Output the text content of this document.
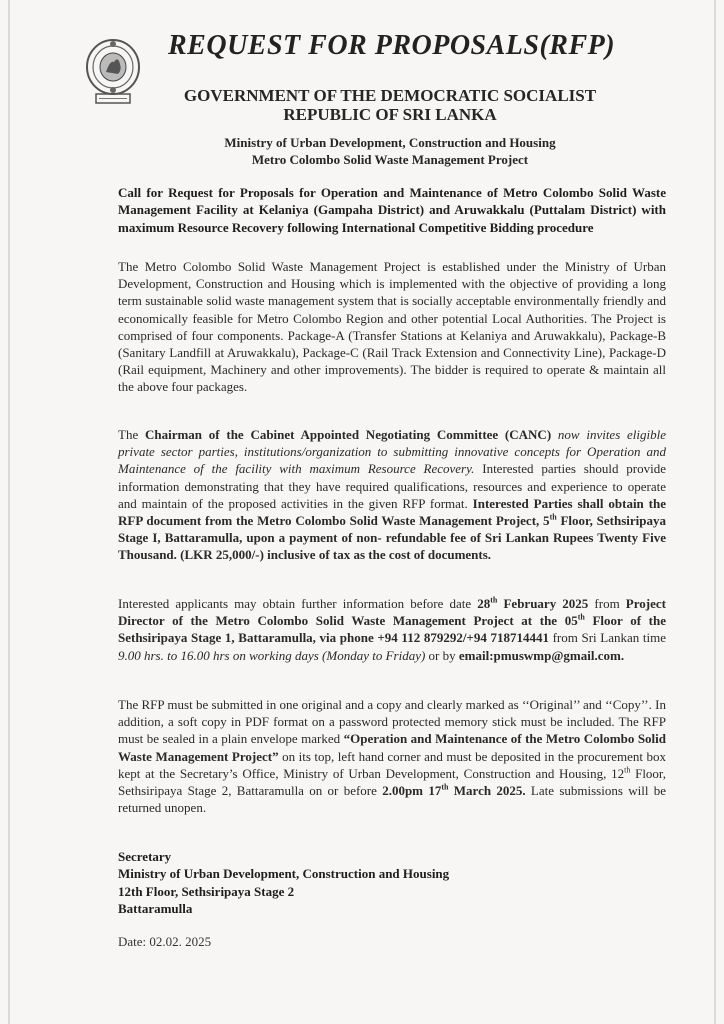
REQUEST FOR PROPOSALS(RFP)
GOVERNMENT OF THE DEMOCRATIC SOCIALIST
REPUBLIC OF SRI LANKA
Ministry of Urban Development, Construction and Housing
Metro Colombo Solid Waste Management Project
Call for Request for Proposals for Operation and Maintenance of Metro Colombo Solid Waste Management Facility at Kelaniya (Gampaha District) and Aruwakkalu (Puttalam District) with maximum Resource Recovery following International Competitive Bidding procedure
The Metro Colombo Solid Waste Management Project is established under the Ministry of Urban Development, Construction and Housing which is implemented with the objective of providing a long term sustainable solid waste management system that is socially acceptable environmentally friendly and economically feasible for Metro Colombo Region and other potential Local Authorities. The Project is comprised of four components. Package-A (Transfer Stations at Kelaniya and Aruwakkalu), Package-B (Sanitary Landfill at Aruwakkalu), Package-C (Rail Track Extension and Connectivity Line), Package-D (Rail equipment, Machinery and other improvements). The bidder is required to operate & maintain all the above four packages.
The Chairman of the Cabinet Appointed Negotiating Committee (CANC) now invites eligible private sector parties, institutions/organization to submitting innovative concepts for Operation and Maintenance of the facility with maximum Resource Recovery. Interested parties should provide information demonstrating that they have required qualifications, resources and experience to operate and maintain of the proposed activities in the given RFP format. Interested Parties shall obtain the RFP document from the Metro Colombo Solid Waste Management Project, 5th Floor, Sethsiripaya Stage I, Battaramulla, upon a payment of non- refundable fee of Sri Lankan Rupees Twenty Five Thousand. (LKR 25,000/-) inclusive of tax as the cost of documents.
Interested applicants may obtain further information before date 28th February 2025 from Project Director of the Metro Colombo Solid Waste Management Project at the 05th Floor of the Sethsiripaya Stage 1, Battaramulla, via phone +94 112 879292/+94 718714441 from Sri Lankan time 9.00 hrs. to 16.00 hrs on working days (Monday to Friday) or by email:pmuswmp@gmail.com.
The RFP must be submitted in one original and a copy and clearly marked as ‘‘Original’’ and ‘‘Copy’’. In addition, a soft copy in PDF format on a password protected memory stick must be included. The RFP must be sealed in a plain envelope marked “Operation and Maintenance of the Metro Colombo Solid Waste Management Project” on its top, left hand corner and must be deposited in the procurement box kept at the Secretary’s Office, Ministry of Urban Development, Construction and Housing, 12th Floor, Sethsiripaya Stage 2, Battaramulla on or before 2.00pm 17th March 2025. Late submissions will be returned unopen.
Secretary
Ministry of Urban Development, Construction and Housing
12th Floor, Sethsiripaya Stage 2
Battaramulla
Date: 02.02. 2025
